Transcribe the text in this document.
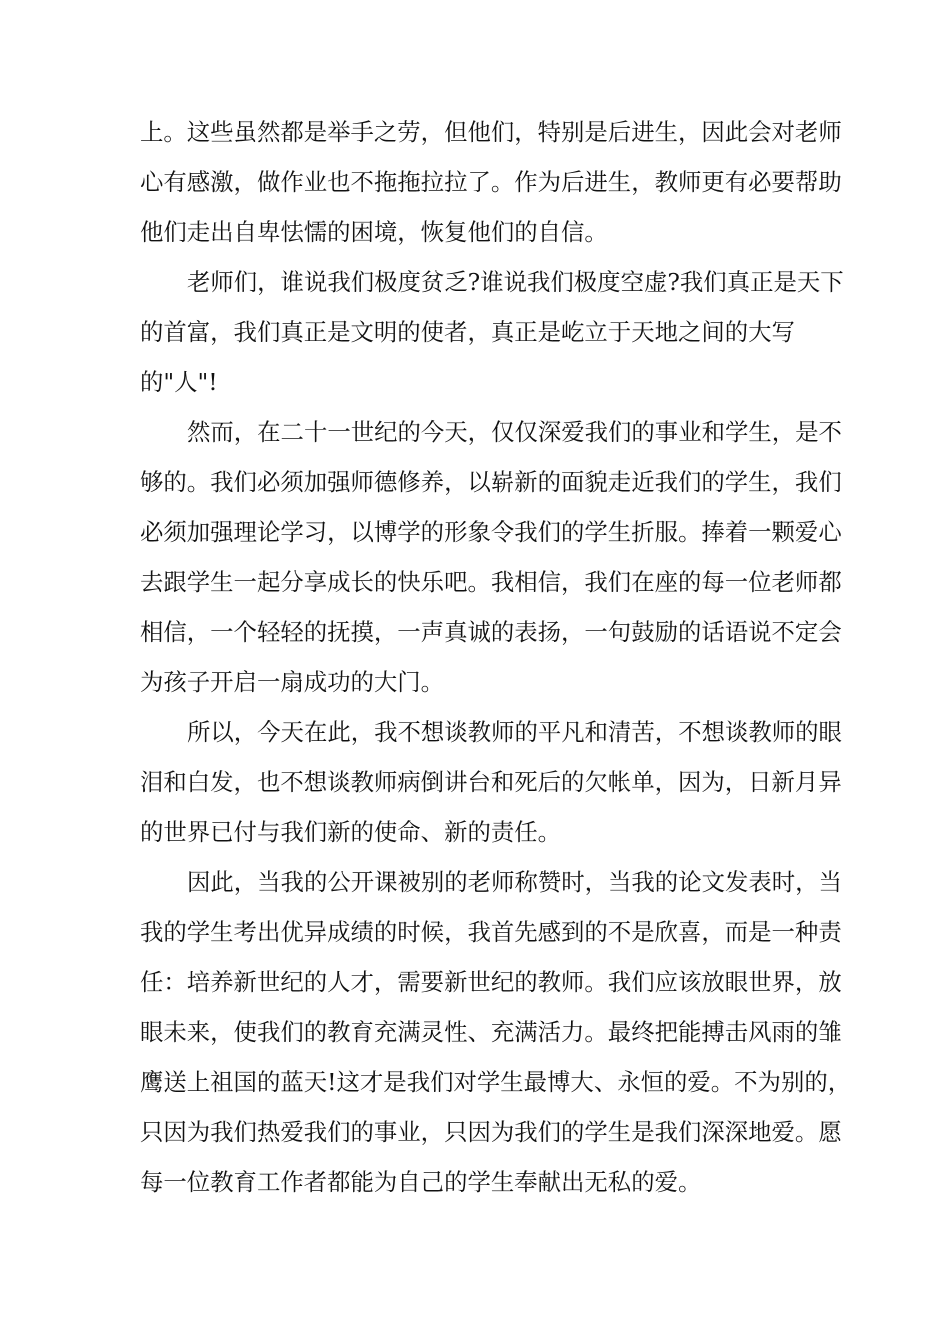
上。这些虽然都是举手之劳，但他们，特别是后进生，因此会对老师
心有感激，做作业也不拖拖拉拉了。作为后进生，教师更有必要帮助
他们走出自卑怯懦的困境，恢复他们的自信。
老师们，谁说我们极度贫乏?谁说我们极度空虚?我们真正是天下
的首富，我们真正是文明的使者，真正是屹立于天地之间的大写
的"人"!
然而，在二十一世纪的今天，仅仅深爱我们的事业和学生，是不
够的。我们必须加强师德修养，以崭新的面貌走近我们的学生，我们
必须加强理论学习，以博学的形象令我们的学生折服。捧着一颗爱心
去跟学生一起分享成长的快乐吧。我相信，我们在座的每一位老师都
相信，一个轻轻的抚摸，一声真诚的表扬，一句鼓励的话语说不定会
为孩子开启一扇成功的大门。
所以，今天在此，我不想谈教师的平凡和清苦，不想谈教师的眼
泪和白发，也不想谈教师病倒讲台和死后的欠帐单，因为，日新月异
的世界已付与我们新的使命、新的责任。
因此，当我的公开课被别的老师称赞时，当我的论文发表时，当
我的学生考出优异成绩的时候，我首先感到的不是欣喜，而是一种责
任：培养新世纪的人才，需要新世纪的教师。我们应该放眼世界，放
眼未来，使我们的教育充满灵性、充满活力。最终把能搏击风雨的雏
鹰送上祖国的蓝天!这才是我们对学生最博大、永恒的爱。不为别的，
只因为我们热爱我们的事业，只因为我们的学生是我们深深地爱。愿
每一位教育工作者都能为自己的学生奉献出无私的爱。
